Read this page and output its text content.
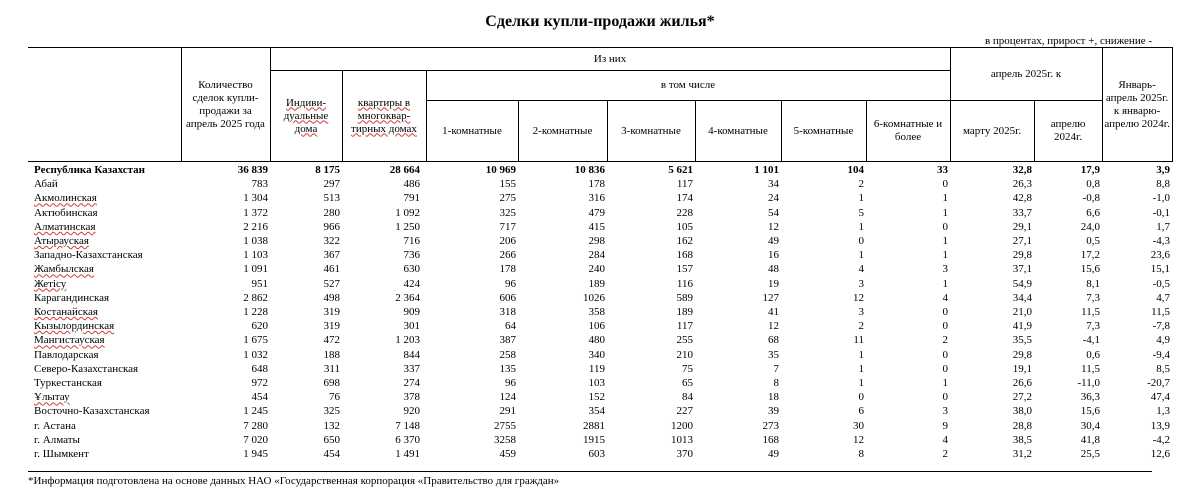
Сделки купли-продажи жилья*
в процентах, прирост +, снижение -
	Количество сделок купли-продажи за апрель 2025 года	Из них								апрель 2025г. к		Январь-апрель 2025г. к январю-апрелю 2024г.
		Индиви-дуальные дома	квартиры в многоквар-тирных домах	в том числе								
				1-комнатные	2-комнатные	3-комнатные	4-комнатные	5-комнатные	6-комнатные и более	марту 2025г.	апрелю 2024г.	
Республика Казахстан	36 839	8 175	28 664	10 969	10 836	5 621	1 101	104	33	32,8	17,9	3,9
Абай	783	297	486	155	178	117	34	2	0	26,3	0,8	8,8
Акмолинская	1 304	513	791	275	316	174	24	1	1	42,8	-0,8	-1,0
Актюбинская	1 372	280	1 092	325	479	228	54	5	1	33,7	6,6	-0,1
Алматинская	2 216	966	1 250	717	415	105	12	1	0	29,1	24,0	1,7
Атырауская	1 038	322	716	206	298	162	49	0	1	27,1	0,5	-4,3
Западно-Казахстанская	1 103	367	736	266	284	168	16	1	1	29,8	17,2	23,6
Жамбылская	1 091	461	630	178	240	157	48	4	3	37,1	15,6	15,1
Жетісу	951	527	424	96	189	116	19	3	1	54,9	8,1	-0,5
Карагандинская	2 862	498	2 364	606	1026	589	127	12	4	34,4	7,3	4,7
Костанайская	1 228	319	909	318	358	189	41	3	0	21,0	11,5	11,5
Кызылординская	620	319	301	64	106	117	12	2	0	41,9	7,3	-7,8
Мангистауская	1 675	472	1 203	387	480	255	68	11	2	35,5	-4,1	4,9
Павлодарская	1 032	188	844	258	340	210	35	1	0	29,8	0,6	-9,4
Северо-Казахстанская	648	311	337	135	119	75	7	1	0	19,1	11,5	8,5
Туркестанская	972	698	274	96	103	65	8	1	1	26,6	-11,0	-20,7
Ұлытау	454	76	378	124	152	84	18	0	0	27,2	36,3	47,4
Восточно-Казахстанская	1 245	325	920	291	354	227	39	6	3	38,0	15,6	1,3
г. Астана	7 280	132	7 148	2755	2881	1200	273	30	9	28,8	30,4	13,9
г. Алматы	7 020	650	6 370	3258	1915	1013	168	12	4	38,5	41,8	-4,2
г. Шымкент	1 945	454	1 491	459	603	370	49	8	2	31,2	25,5	12,6
*Информация подготовлена на основе данных НАО «Государственная корпорация «Правительство для граждан»
